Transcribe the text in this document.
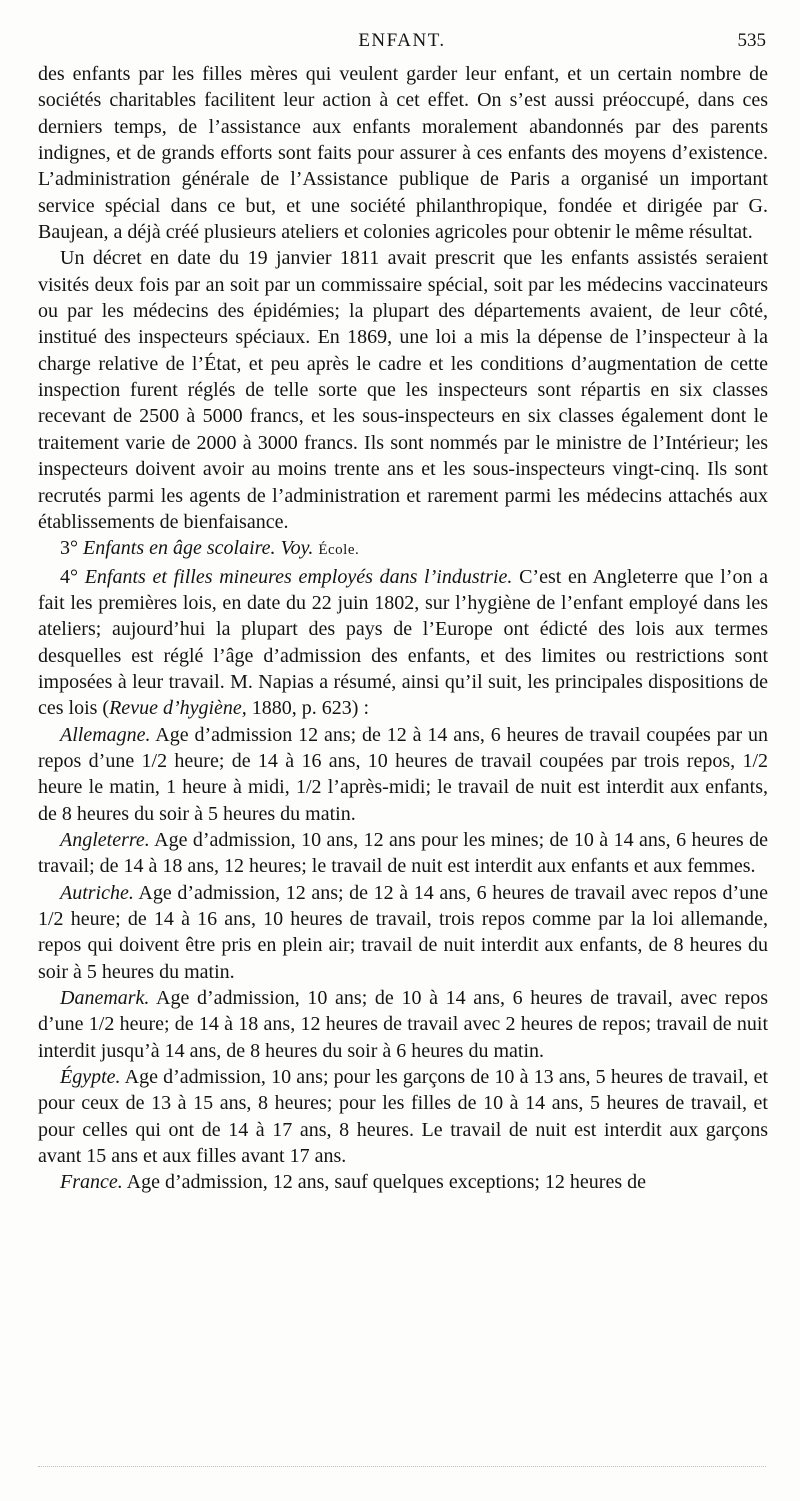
ENFANT.	535

des enfants par les filles mères qui veulent garder leur enfant, et un certain nombre de sociétés charitables facilitent leur action à cet effet. On s’est aussi préoccupé, dans ces derniers temps, de l’assistance aux enfants moralement abandonnés par des parents indignes, et de grands efforts sont faits pour assurer à ces enfants des moyens d’existence. L’administration générale de l’Assistance publique de Paris a organisé un important service spécial dans ce but, et une société philanthropique, fondée et dirigée par G. Baujean, a déjà créé plusieurs ateliers et colonies agricoles pour obtenir le même résultat.

Un décret en date du 19 janvier 1811 avait prescrit que les enfants assistés seraient visités deux fois par an soit par un commissaire spécial, soit par les médecins vaccinateurs ou par les médecins des épidémies; la plupart des départements avaient, de leur côté, institué des inspecteurs spéciaux. En 1869, une loi a mis la dépense de l’inspecteur à la charge relative de l’État, et peu après le cadre et les conditions d’augmentation de cette inspection furent réglés de telle sorte que les inspecteurs sont répartis en six classes recevant de 2500 à 5000 francs, et les sous-inspecteurs en six classes également dont le traitement varie de 2000 à 3000 francs. Ils sont nommés par le ministre de l’Intérieur; les inspecteurs doivent avoir au moins trente ans et les sous-inspecteurs vingt-cinq. Ils sont recrutés parmi les agents de l’administration et rarement parmi les médecins attachés aux établissements de bienfaisance.

3° Enfants en âge scolaire. Voy. École.

4° Enfants et filles mineures employés dans l’industrie. C’est en Angleterre que l’on a fait les premières lois, en date du 22 juin 1802, sur l’hygiène de l’enfant employé dans les ateliers; aujourd’hui la plupart des pays de l’Europe ont édicté des lois aux termes desquelles est réglé l’âge d’admission des enfants, et des limites ou restrictions sont imposées à leur travail. M. Napias a résumé, ainsi qu’il suit, les principales dispositions de ces lois (Revue d’hygiène, 1880, p. 623) :

Allemagne. Age d’admission 12 ans; de 12 à 14 ans, 6 heures de travail coupées par un repos d’une 1/2 heure; de 14 à 16 ans, 10 heures de travail coupées par trois repos, 1/2 heure le matin, 1 heure à midi, 1/2 l’après-midi; le travail de nuit est interdit aux enfants, de 8 heures du soir à 5 heures du matin.

Angleterre. Age d’admission, 10 ans, 12 ans pour les mines; de 10 à 14 ans, 6 heures de travail; de 14 à 18 ans, 12 heures; le travail de nuit est interdit aux enfants et aux femmes.

Autriche. Age d’admission, 12 ans; de 12 à 14 ans, 6 heures de travail avec repos d’une 1/2 heure; de 14 à 16 ans, 10 heures de travail, trois repos comme par la loi allemande, repos qui doivent être pris en plein air; travail de nuit interdit aux enfants, de 8 heures du soir à 5 heures du matin.

Danemark. Age d’admission, 10 ans; de 10 à 14 ans, 6 heures de travail, avec repos d’une 1/2 heure; de 14 à 18 ans, 12 heures de travail avec 2 heures de repos; travail de nuit interdit jusqu’à 14 ans, de 8 heures du soir à 6 heures du matin.

Égypte. Age d’admission, 10 ans; pour les garçons de 10 à 13 ans, 5 heures de travail, et pour ceux de 13 à 15 ans, 8 heures; pour les filles de 10 à 14 ans, 5 heures de travail, et pour celles qui ont de 14 à 17 ans, 8 heures. Le travail de nuit est interdit aux garçons avant 15 ans et aux filles avant 17 ans.

France. Age d’admission, 12 ans, sauf quelques exceptions; 12 heures de
